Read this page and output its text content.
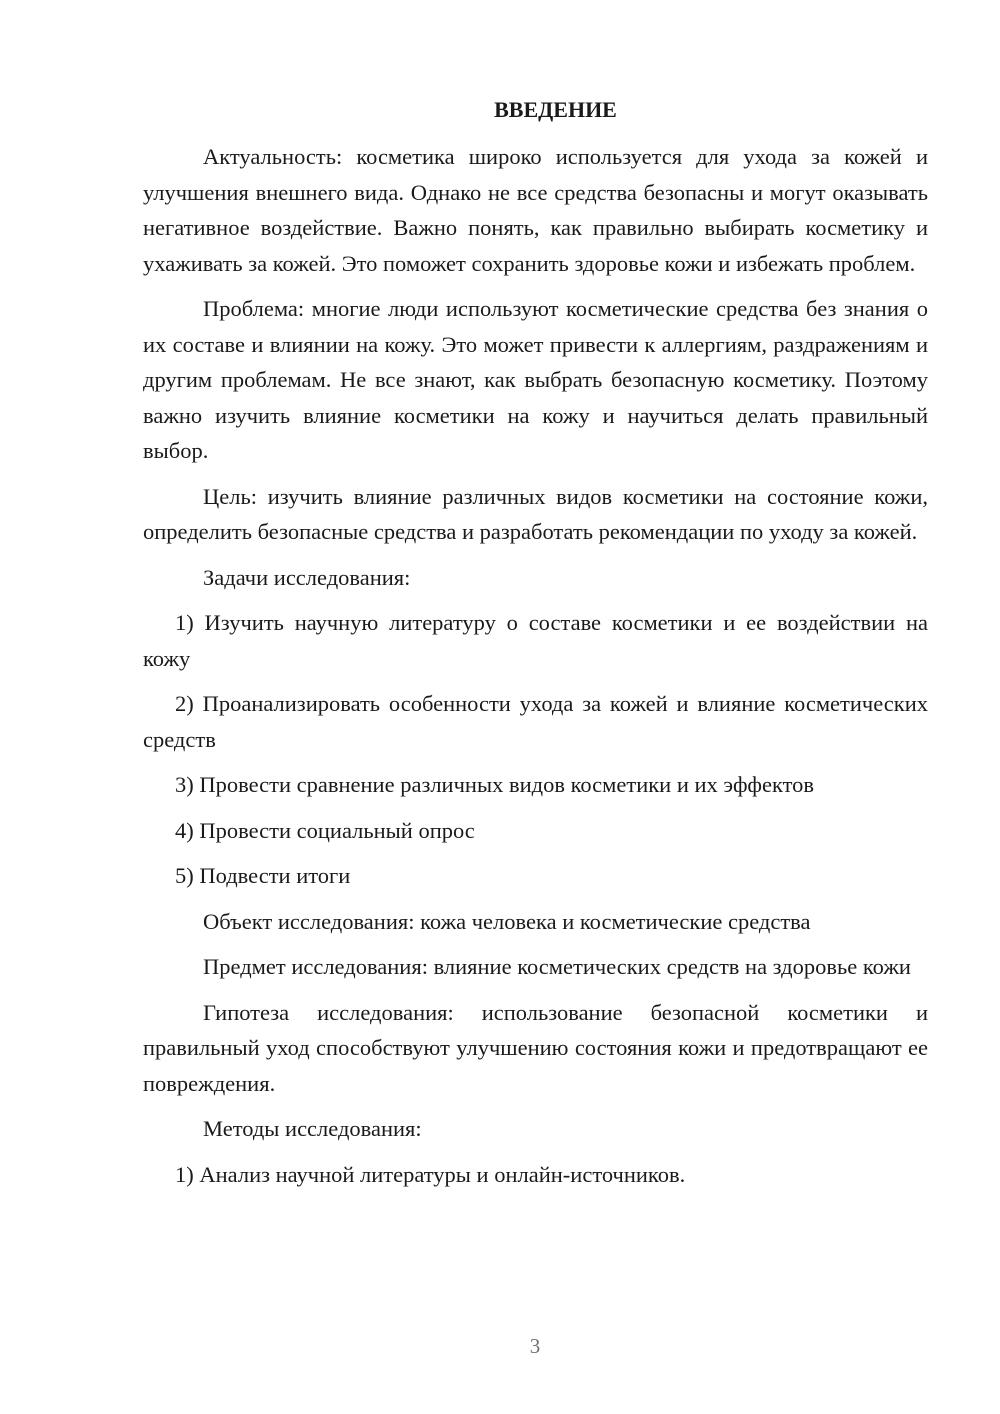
ВВЕДЕНИЕ

Актуальность: косметика широко используется для ухода за кожей и улучшения внешнего вида. Однако не все средства безопасны и могут оказывать негативное воздействие. Важно понять, как правильно выбирать косметику и ухаживать за кожей. Это поможет сохранить здоровье кожи и избежать проблем.

Проблема: многие люди используют косметические средства без знания о их составе и влиянии на кожу. Это может привести к аллергиям, раздражениям и другим проблемам. Не все знают, как выбрать безопасную косметику. Поэтому важно изучить влияние косметики на кожу и научиться делать правильный выбор.

Цель: изучить влияние различных видов косметики на состояние кожи, определить безопасные средства и разработать рекомендации по уходу за кожей.

Задачи исследования:

1) Изучить научную литературу о составе косметики и ее воздействии на кожу

2) Проанализировать особенности ухода за кожей и влияние косметических средств

3) Провести сравнение различных видов косметики и их эффектов

4) Провести социальный опрос

5) Подвести итоги

Объект исследования: кожа человека и косметические средства

Предмет исследования: влияние косметических средств на здоровье кожи

Гипотеза исследования: использование безопасной косметики и правильный уход способствуют улучшению состояния кожи и предотвращают ее повреждения.

Методы исследования:

1) Анализ научной литературы и онлайн-источников.

3
